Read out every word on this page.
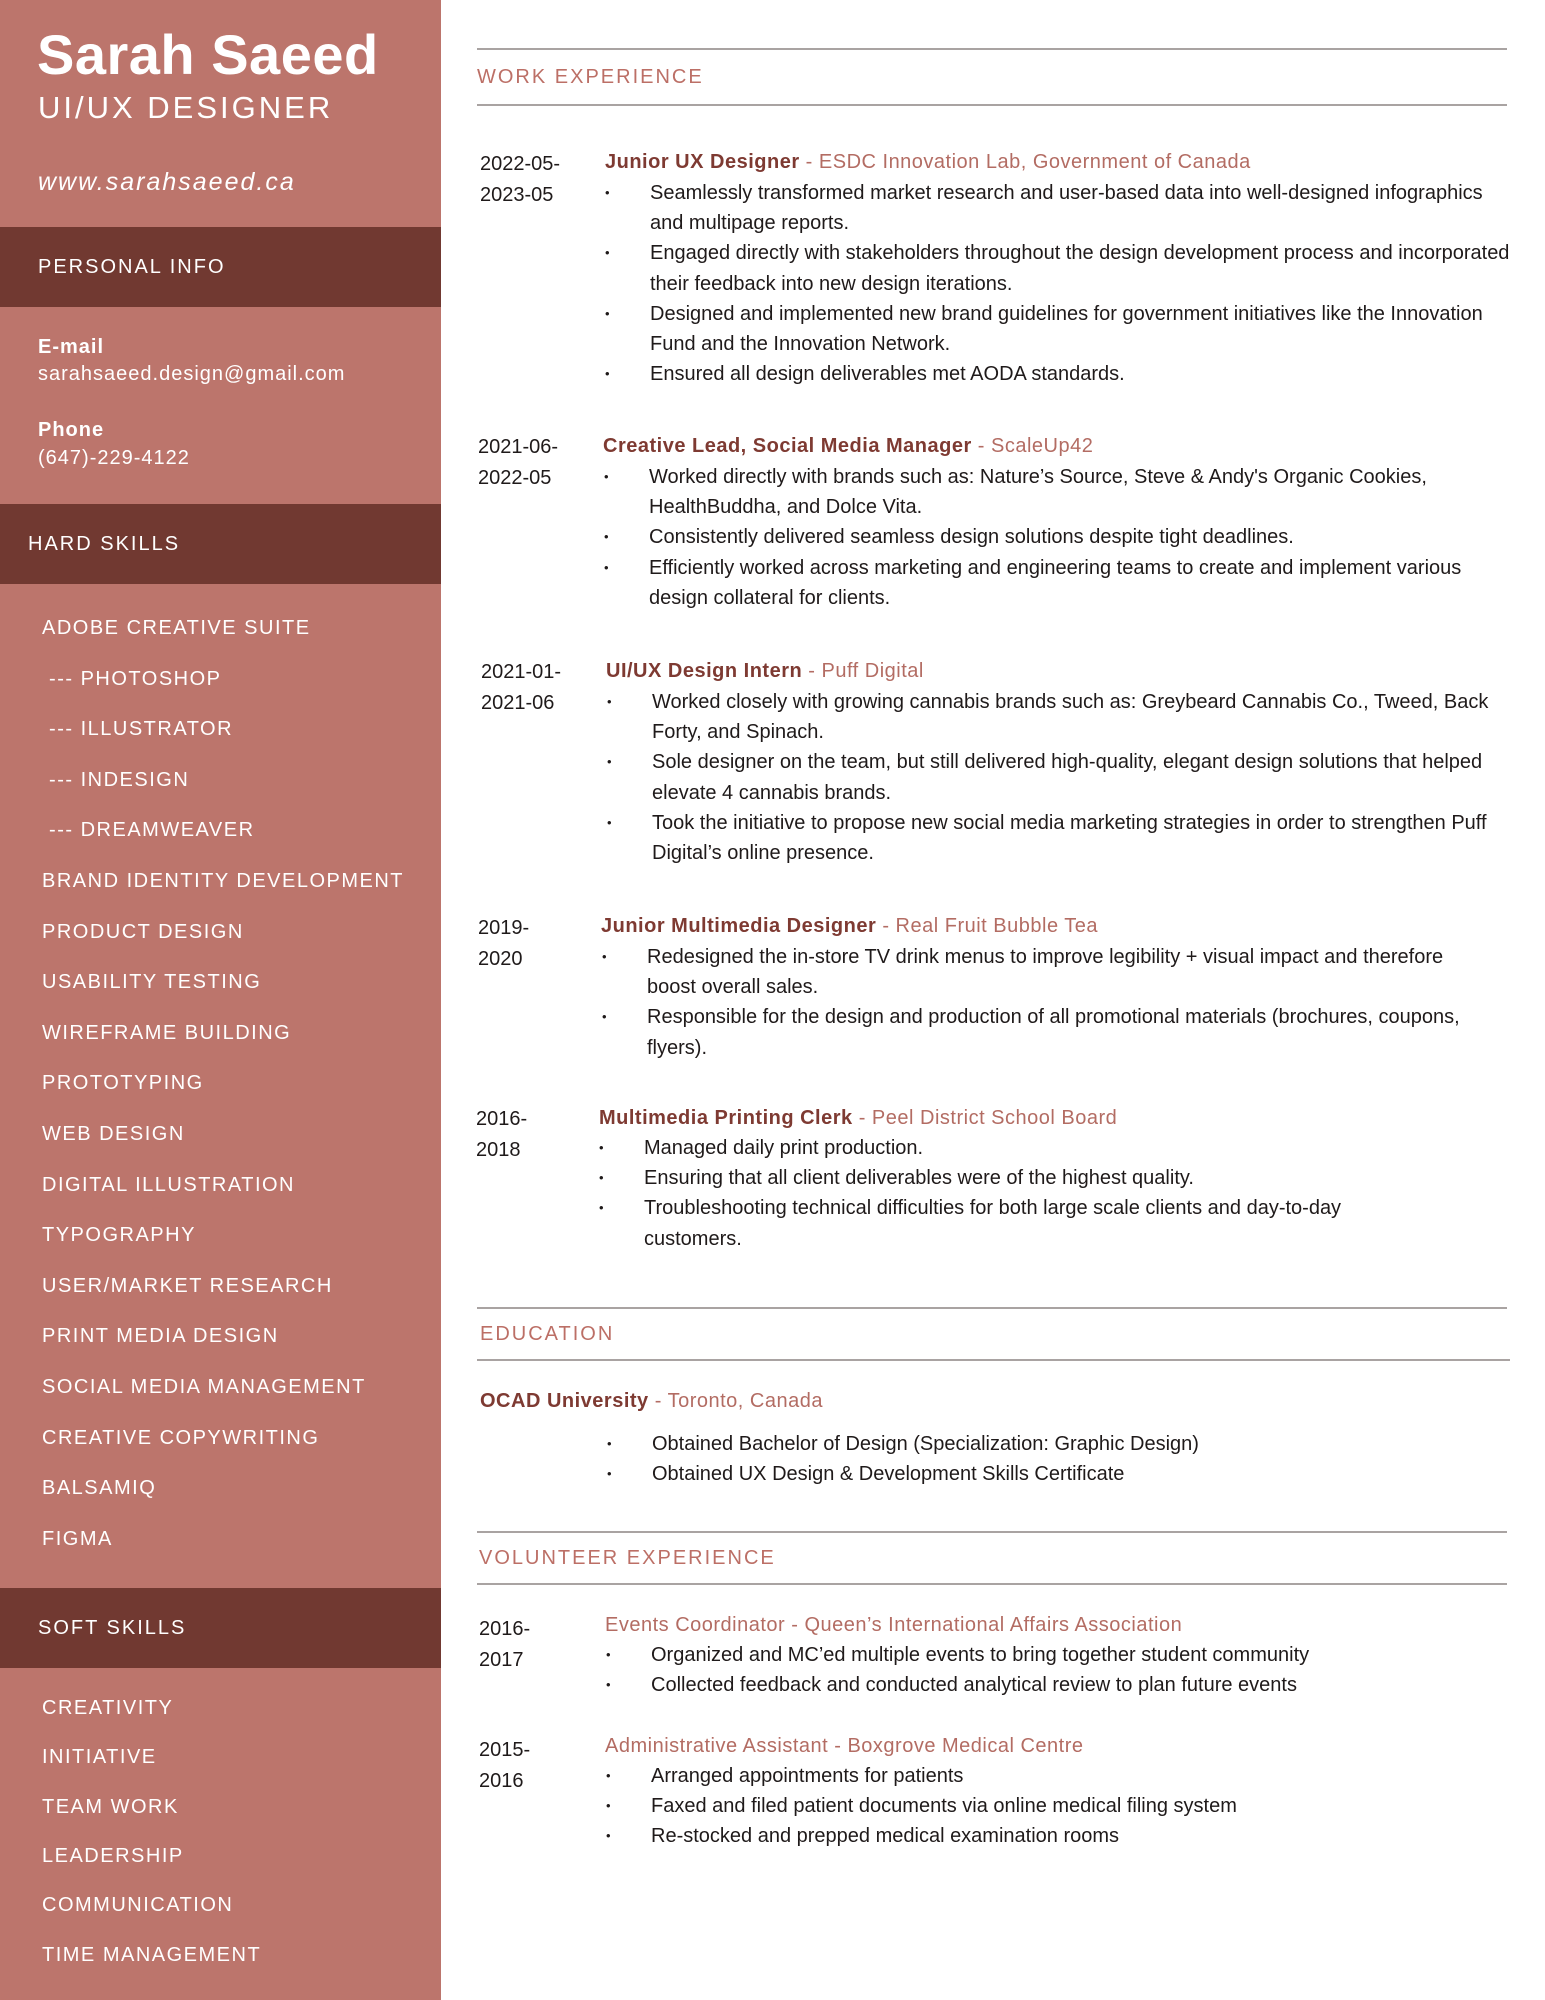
Sarah Saeed
UI/UX DESIGNER
www.sarahsaeed.ca
PERSONAL INFO
E-mail
sarahsaeed.design@gmail.com
Phone
(647)-229-4122
HARD SKILLS
ADOBE CREATIVE SUITE
--- PHOTOSHOP
--- ILLUSTRATOR
--- INDESIGN
--- DREAMWEAVER
BRAND IDENTITY DEVELOPMENT
PRODUCT DESIGN
USABILITY TESTING
WIREFRAME BUILDING
PROTOTYPING
WEB DESIGN
DIGITAL ILLUSTRATION
TYPOGRAPHY
USER/MARKET RESEARCH
PRINT MEDIA DESIGN
SOCIAL MEDIA MANAGEMENT
CREATIVE COPYWRITING
BALSAMIQ
FIGMA
SOFT SKILLS
CREATIVITY
INITIATIVE
TEAM WORK
LEADERSHIP
COMMUNICATION
TIME MANAGEMENT
WORK EXPERIENCE
2022-05-
2023-05
Junior UX Designer - ESDC Innovation Lab, Government of Canada
• Seamlessly transformed market research and user-based data into well-designed infographics and multipage reports.
• Engaged directly with stakeholders throughout the design development process and incorporated their feedback into new design iterations.
• Designed and implemented new brand guidelines for government initiatives like the Innovation Fund and the Innovation Network.
• Ensured all design deliverables met AODA standards.
2021-06-
2022-05
Creative Lead, Social Media Manager - ScaleUp42
• Worked directly with brands such as: Nature’s Source, Steve & Andy's Organic Cookies, HealthBuddha, and Dolce Vita.
• Consistently delivered seamless design solutions despite tight deadlines.
• Efficiently worked across marketing and engineering teams to create and implement various design collateral for clients.
2021-01-
2021-06
UI/UX Design Intern - Puff Digital
• Worked closely with growing cannabis brands such as: Greybeard Cannabis Co., Tweed, Back Forty, and Spinach.
• Sole designer on the team, but still delivered high-quality, elegant design solutions that helped elevate 4 cannabis brands.
• Took the initiative to propose new social media marketing strategies in order to strengthen Puff Digital’s online presence.
2019-
2020
Junior Multimedia Designer - Real Fruit Bubble Tea
• Redesigned the in-store TV drink menus to improve legibility + visual impact and therefore boost overall sales.
• Responsible for the design and production of all promotional materials (brochures, coupons, flyers).
2016-
2018
Multimedia Printing Clerk - Peel District School Board
• Managed daily print production.
• Ensuring that all client deliverables were of the highest quality.
• Troubleshooting technical difficulties for both large scale clients and day-to-day customers.
EDUCATION
OCAD University - Toronto, Canada
• Obtained Bachelor of Design (Specialization: Graphic Design)
• Obtained UX Design & Development Skills Certificate
VOLUNTEER EXPERIENCE
2016-
2017
Events Coordinator - Queen’s International Affairs Association
• Organized and MC’ed multiple events to bring together student community
• Collected feedback and conducted analytical review to plan future events
2015-
2016
Administrative Assistant - Boxgrove Medical Centre
• Arranged appointments for patients
• Faxed and filed patient documents via online medical filing system
• Re-stocked and prepped medical examination rooms
